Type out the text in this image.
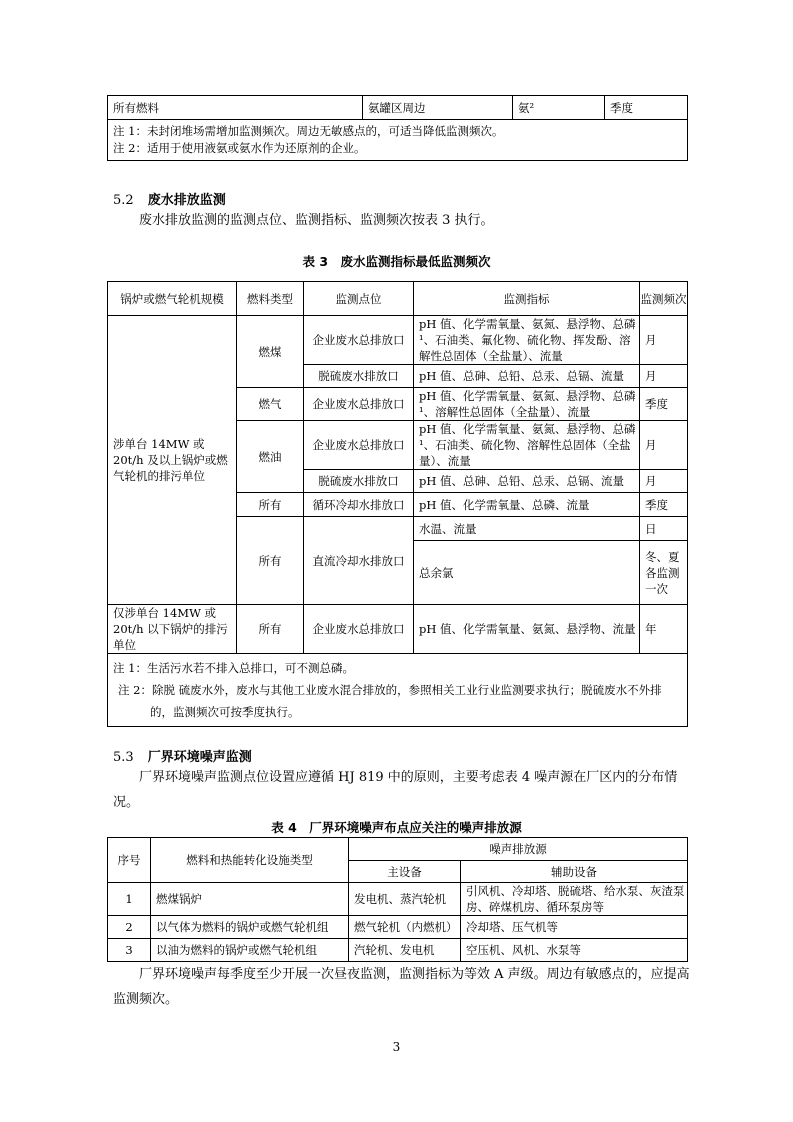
所有燃料	氨罐区周边	氨²	季度

注 1：未封闭堆场需增加监测频次。周边无敏感点的，可适当降低监测频次。
注 2：适用于使用液氨或氨水作为还原剂的企业。
5.2 废水排放监测
废水排放监测的监测点位、监测指标、监测频次按表 3 执行。
表 3　废水监测指标最低监测频次
锅炉或燃气轮机规模	燃料类型	监测点位	监测指标	监测频次
涉单台 14MW 或 20t/h 及以上锅炉或燃气轮机的排污单位	燃煤	企业废水总排放口	pH 值、化学需氧量、氨氮、悬浮物、总磷¹、石油类、氟化物、硫化物、挥发酚、溶解性总固体（全盐量）、流量	月
		脱硫废水排放口	pH 值、总砷、总铅、总汞、总镉、流量	月
	燃气	企业废水总排放口	pH 值、化学需氧量、氨氮、悬浮物、总磷¹、溶解性总固体（全盐量）、流量	季度
	燃油	企业废水总排放口	pH 值、化学需氧量、氨氮、悬浮物、总磷¹、石油类、硫化物、溶解性总固体（全盐量）、流量	月
		脱硫废水排放口	pH 值、总砷、总铅、总汞、总镉、流量	月
	所有	循环冷却水排放口	pH 值、化学需氧量、总磷、流量	季度
	所有	直流冷却水排放口	水温、流量	日
			总余氯	冬、夏各监测一次
仅涉单台 14MW 或 20t/h 以下锅炉的排污单位	所有	企业废水总排放口	pH 值、化学需氧量、氨氮、悬浮物、流量	年

注 1：生活污水若不排入总排口，可不测总磷。
注 2：除脱 硫废水外，废水与其他工业废水混合排放的，参照相关工业行业监测要求执行；脱硫废水不外排的，监测频次可按季度执行。				
5.3 厂界环境噪声监测
厂界环境噪声监测点位设置应遵循 HJ 819 中的原则，主要考虑表 4 噪声源在厂区内的分布情况。
表 4　厂界环境噪声布点应关注的噪声排放源
序号	燃料和热能转化设施类型	噪声排放源	
		主设备	辅助设备
1	燃煤锅炉	发电机、蒸汽轮机	引风机、冷却塔、脱硫塔、给水泵、灰渣泵房、碎煤机房、循环泵房等
2	以气体为燃料的锅炉或燃气轮机组	燃气轮机（内燃机）	冷却塔、压气机等
3	以油为燃料的锅炉或燃气轮机组	汽轮机、发电机	空压机、风机、水泵等
厂界环境噪声每季度至少开展一次昼夜监测，监测指标为等效 A 声级。周边有敏感点的，应提高监测频次。
3
